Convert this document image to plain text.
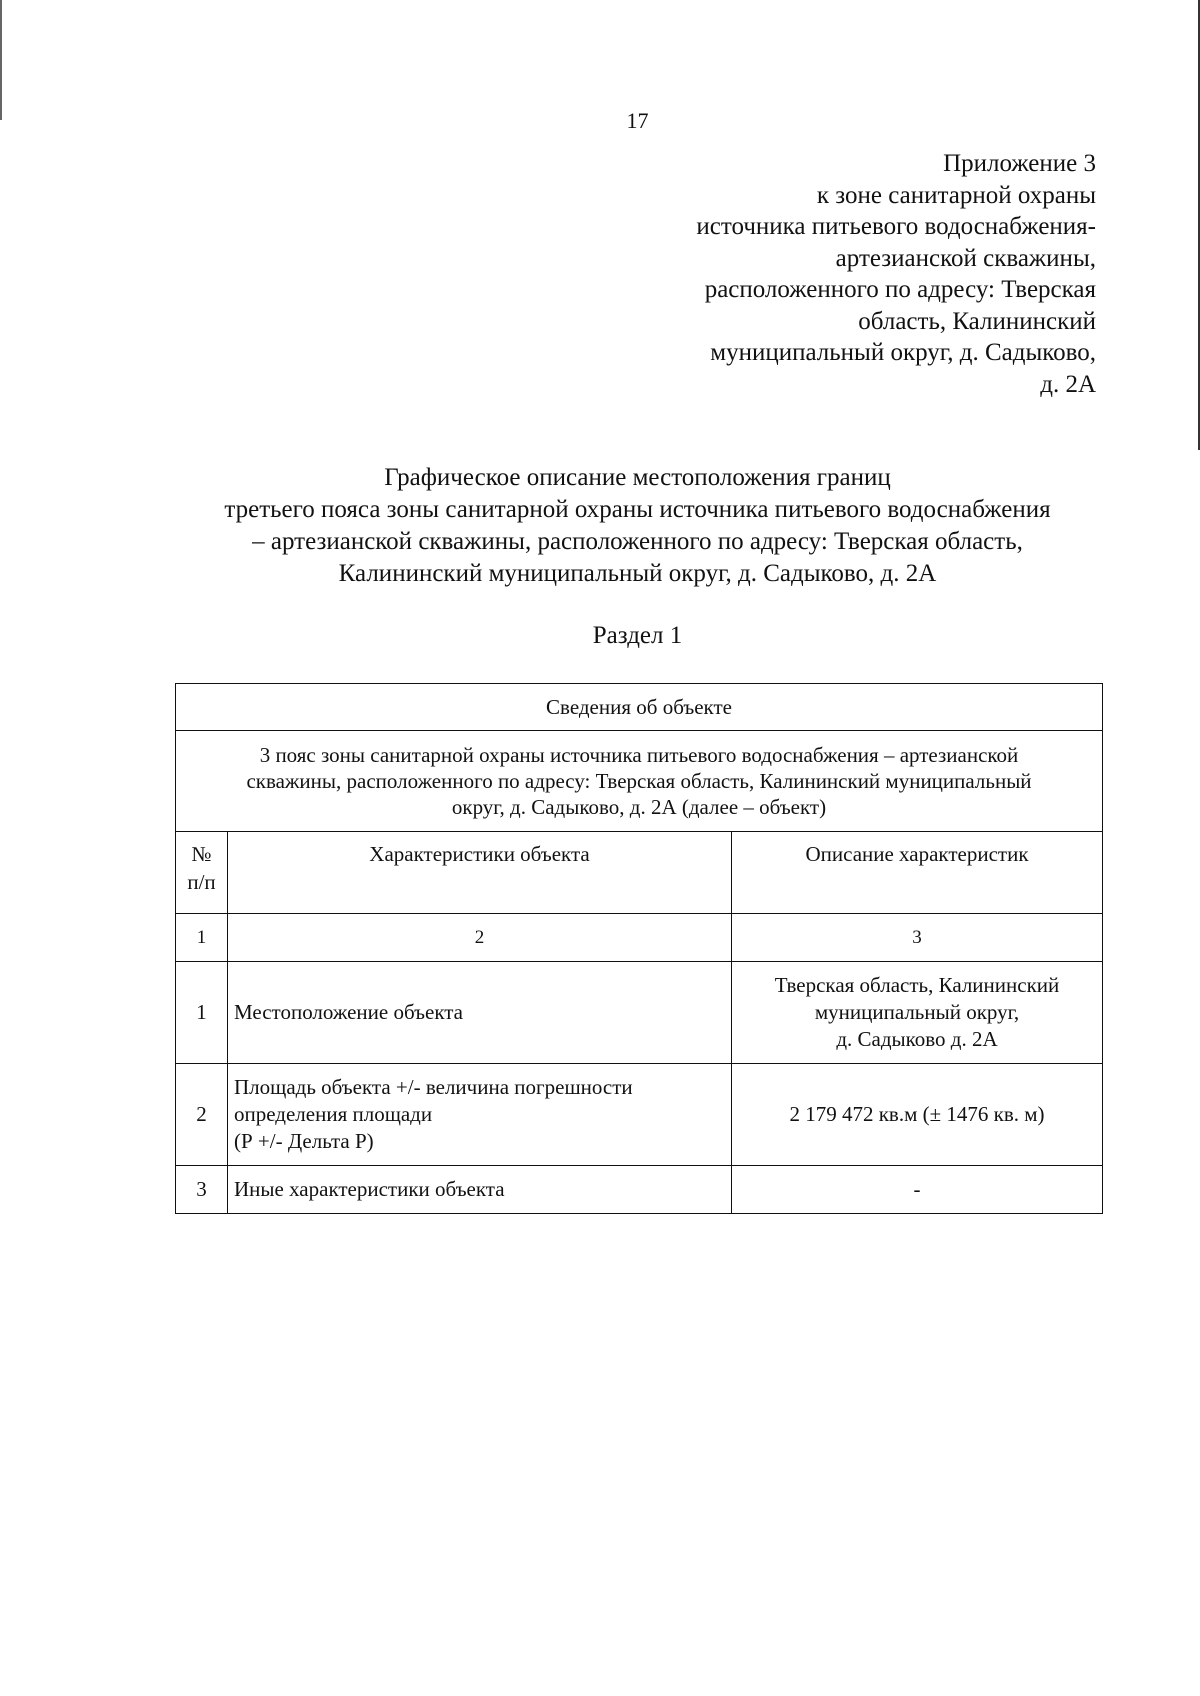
17
Приложение 3
к зоне санитарной охраны
источника питьевого водоснабжения-
артезианской скважины,
расположенного по адресу: Тверская
область, Калининский
муниципальный округ, д. Садыково,
д. 2А
Графическое описание местоположения границ
третьего пояса зоны санитарной охраны источника питьевого водоснабжения
– артезианской скважины, расположенного по адресу: Тверская область,
Калининский муниципальный округ, д. Садыково, д. 2А
Раздел 1
Сведения об объекте		

3 пояс зоны санитарной охраны источника питьевого водоснабжения – артезианской
скважины, расположенного по адресу: Тверская область, Калининский муниципальный
округ, д. Садыково, д. 2А (далее – объект)		

№
п/п	Характеристики объекта	Описание характеристик
1	2	3
1	Местоположение объекта	Тверская область, Калининский
муниципальный округ,
д. Садыково д. 2А

2	Площадь объекта +/- величина погрешности
определения площади
(Р +/- Дельта Р)	2 179 472 кв.м (± 1476 кв. м)

3	Иные характеристики объекта	-
